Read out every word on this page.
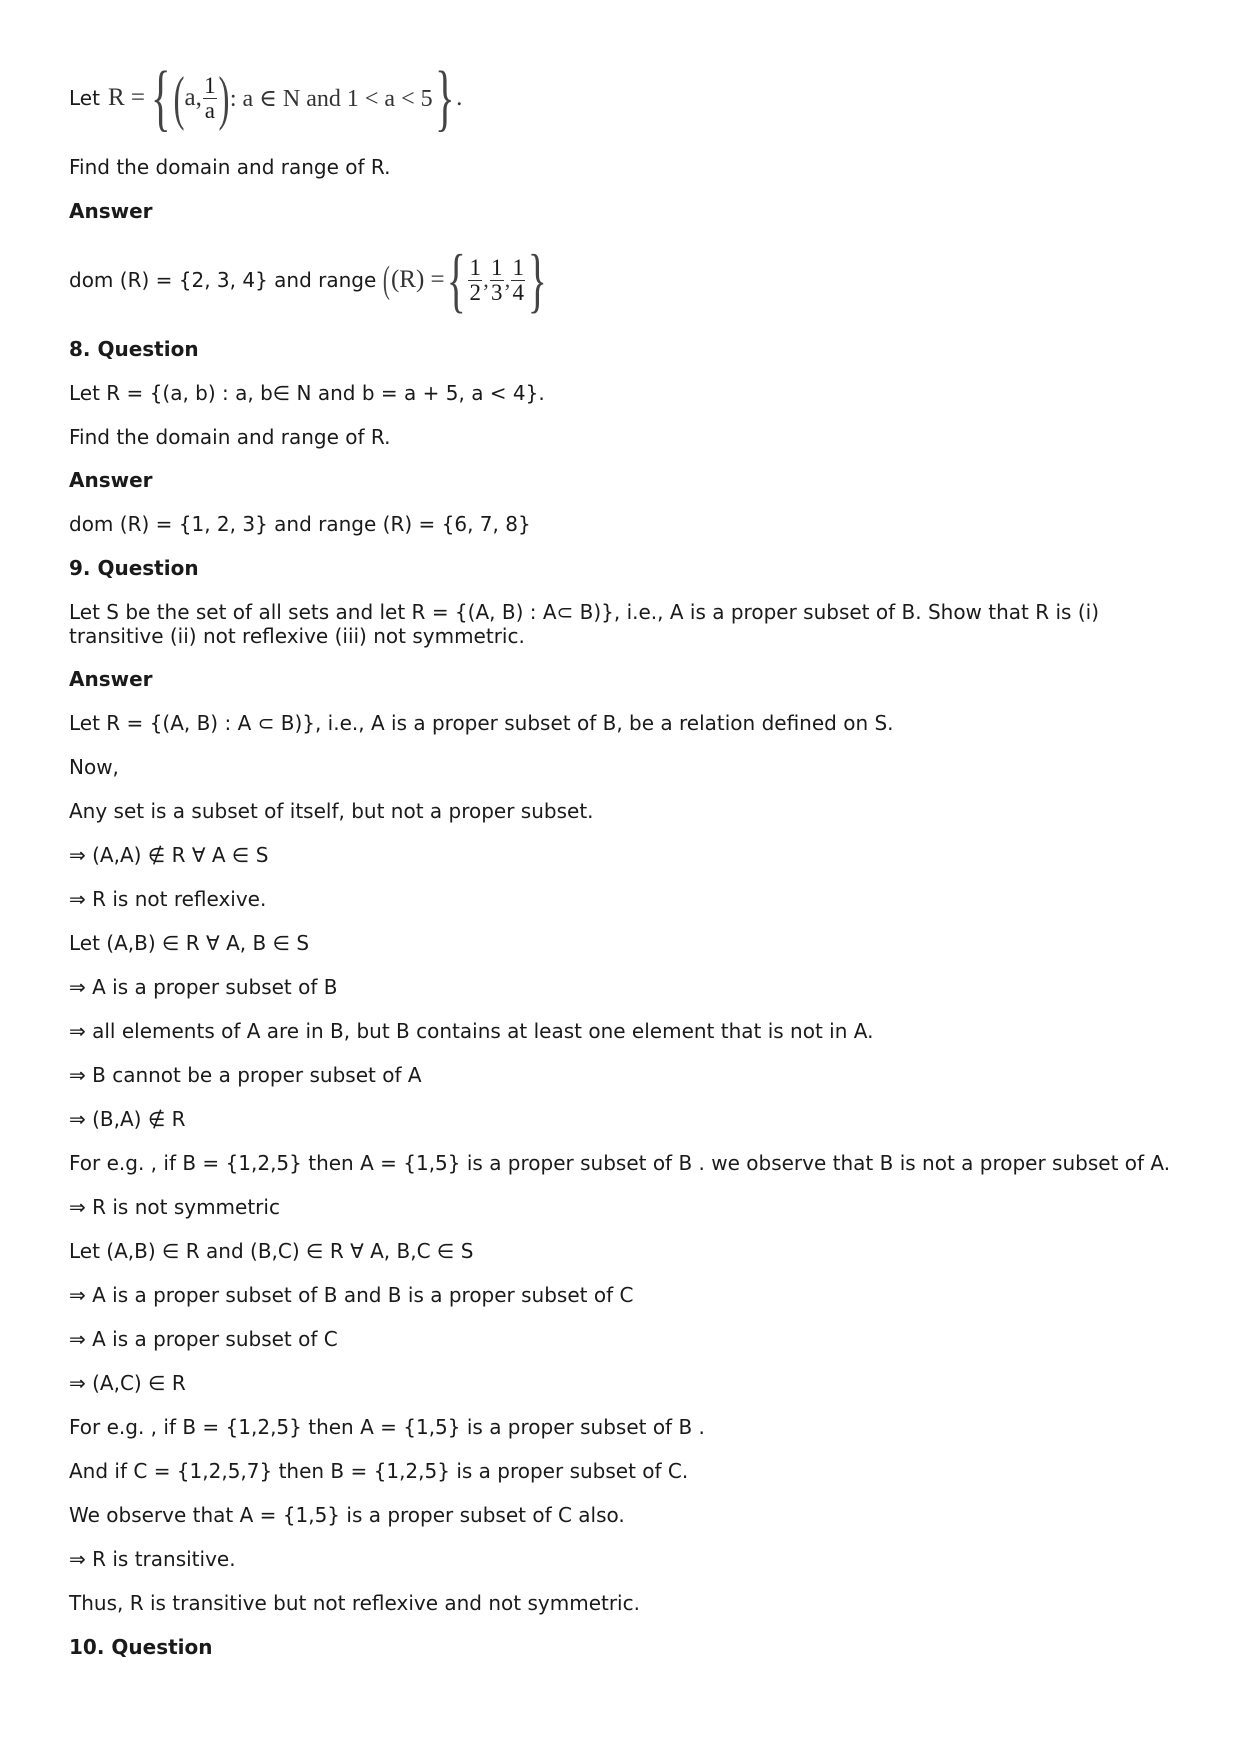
Let R = { ( a, $\frac{1}{a}$ ) : a ∈ N and 1 < a < 5 } .
Find the domain and range of R.
Answer
dom (R) = {2, 3, 4} and range ( (R) = { $\frac{1}{2}$ , $\frac{1}{3}$ , $\frac{1}{4}$ }
8. Question
Let R = {(a, b) : a, b∈ N and b = a + 5, a < 4}.
Find the domain and range of R.
Answer
dom (R) = {1, 2, 3} and range (R) = {6, 7, 8}
9. Question
Let S be the set of all sets and let R = {(A, B) : A⊂ B)}, i.e., A is a proper subset of B. Show that R is (i) transitive (ii) not reflexive (iii) not symmetric.
Answer
Let R = {(A, B) : A ⊂ B)}, i.e., A is a proper subset of B, be a relation defined on S.
Now,
Any set is a subset of itself, but not a proper subset.
⇒ (A,A) ∉ R ∀ A ∈ S
⇒ R is not reflexive.
Let (A,B) ∈ R ∀ A, B ∈ S
⇒ A is a proper subset of B
⇒ all elements of A are in B, but B contains at least one element that is not in A.
⇒ B cannot be a proper subset of A
⇒ (B,A) ∉ R
For e.g. , if B = {1,2,5} then A = {1,5} is a proper subset of B . we observe that B is not a proper subset of A.
⇒ R is not symmetric
Let (A,B) ∈ R and (B,C) ∈ R ∀ A, B,C ∈ S
⇒ A is a proper subset of B and B is a proper subset of C
⇒ A is a proper subset of C
⇒ (A,C) ∈ R
For e.g. , if B = {1,2,5} then A = {1,5} is a proper subset of B .
And if C = {1,2,5,7} then B = {1,2,5} is a proper subset of C.
We observe that A = {1,5} is a proper subset of C also.
⇒ R is transitive.
Thus, R is transitive but not reflexive and not symmetric.
10. Question
